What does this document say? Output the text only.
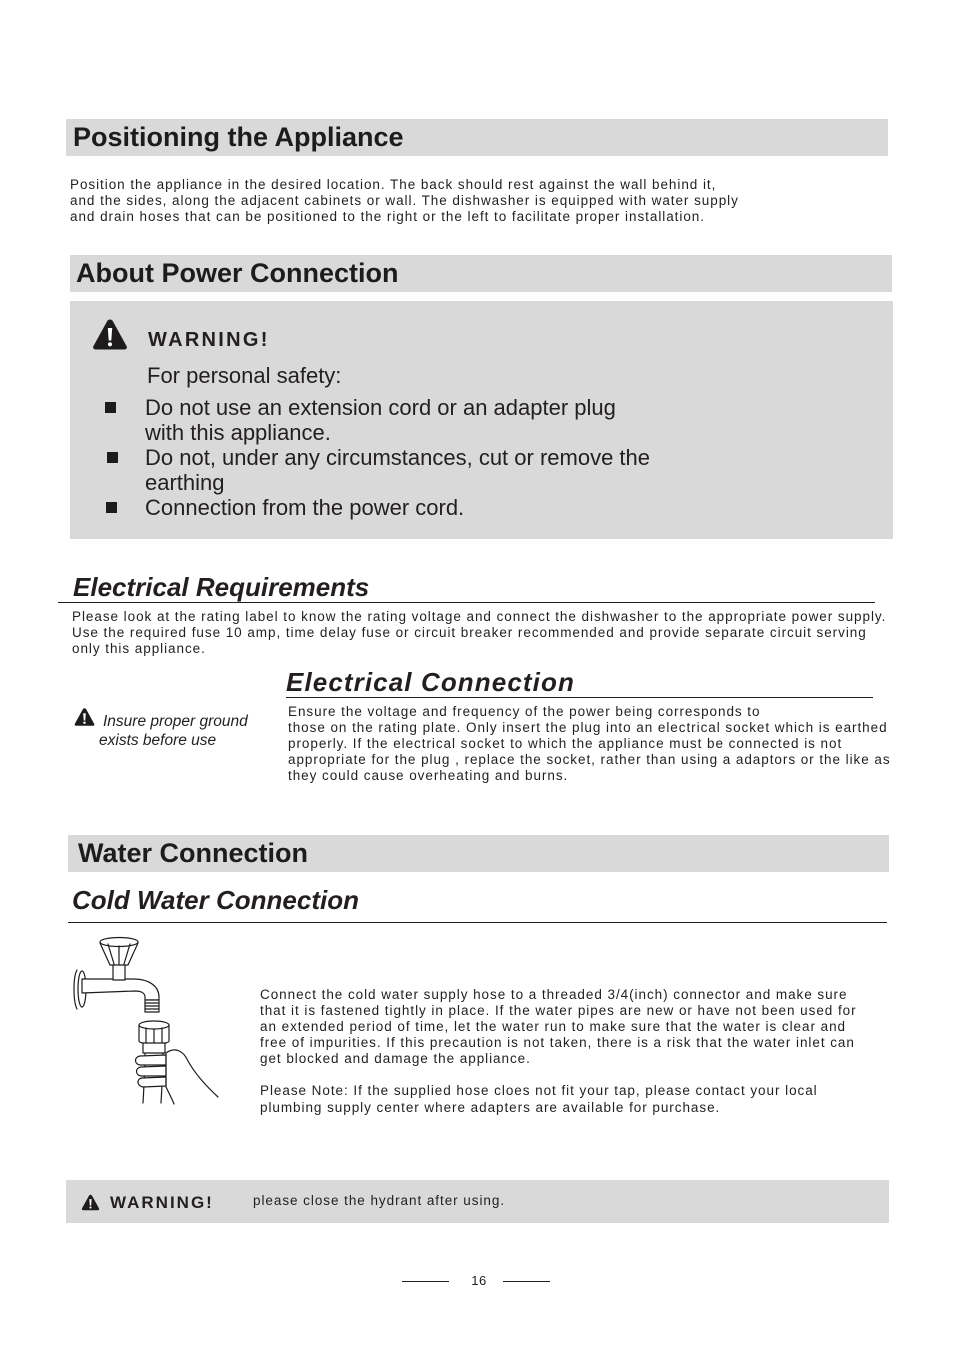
Positioning the Appliance
Position the appliance in the desired location. The back should rest against the wall behind it,
and the sides, along the adjacent cabinets or wall. The dishwasher is equipped with water supply
and drain hoses that can be positioned to the right or the left to facilitate proper installation.
About Power Connection
WARNING!
For personal safety:
Do not use an extension cord or an adapter plug
with this appliance.
Do not, under any circumstances, cut or remove the
earthing
Connection from the power cord.
Electrical Requirements
Please look at the rating label to know the rating voltage and connect the dishwasher to the appropriate power supply.
Use the required fuse 10 amp, time delay fuse or circuit breaker recommended and provide separate circuit serving
only this appliance.
Electrical Connection
Insure proper ground
exists before use
Ensure the voltage and frequency of the power being corresponds to
those on the rating plate. Only insert the plug into an electrical socket which is earthed
properly. If the electrical socket to which the appliance must be connected is not
appropriate for the plug , replace the socket, rather than using a adaptors or the like as
they could cause overheating and burns.
Water Connection
Cold Water Connection
Connect the cold water supply hose to a threaded 3/4(inch) connector and make sure
that it is fastened tightly in place. If the water pipes are new or have not been used for
an extended period of time, let the water run to make sure that the water is clear and
free of impurities. If this precaution is not taken, there is a risk that the water inlet can
get blocked and damage the appliance.
Please Note: If the supplied hose cloes not fit your tap, please contact your local
plumbing supply center where adapters are available for purchase.
WARNING!	please close the hydrant after using.
16
